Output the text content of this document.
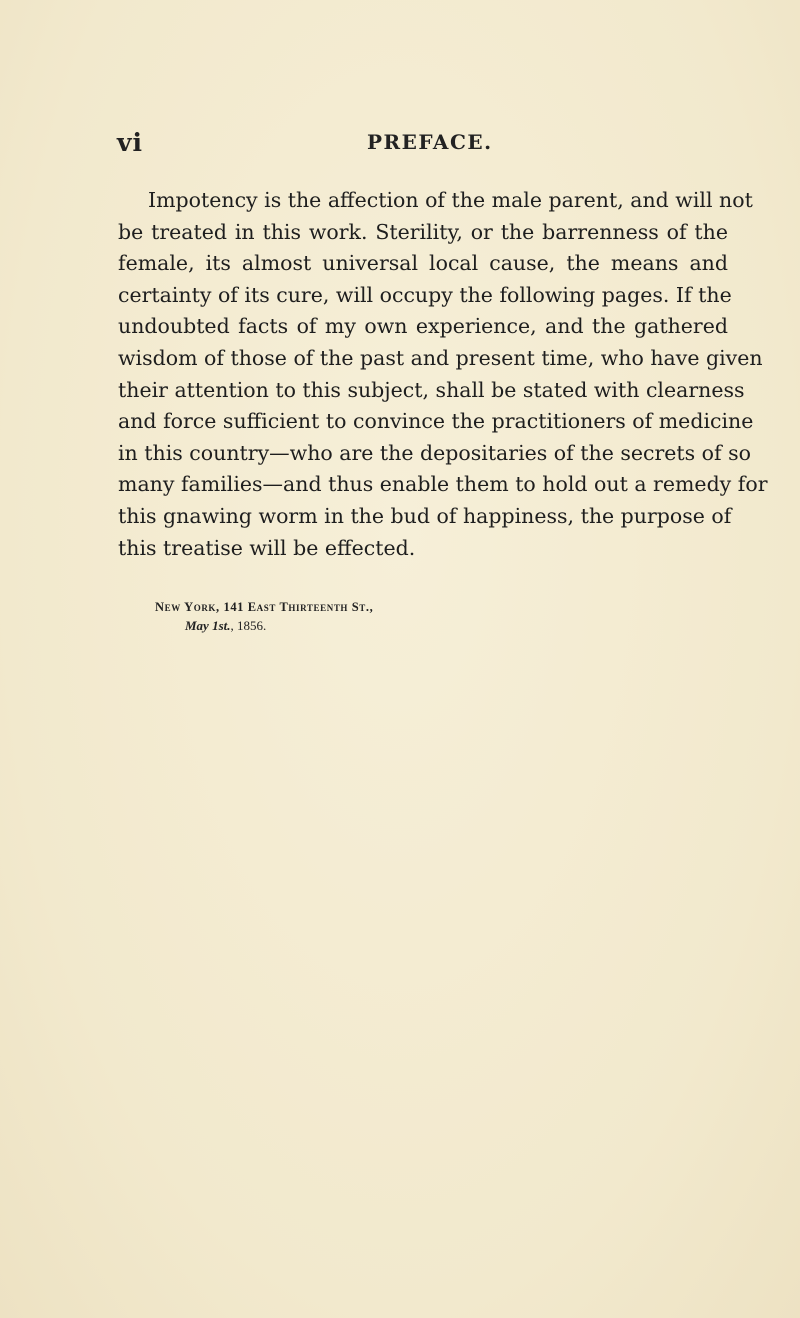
vi	PREFACE.
Impotency is the affection of the male parent, and will not
be treated in this work. Sterility, or the barrenness of the
female, its almost universal local cause, the means and
certainty of its cure, will occupy the following pages. If the
undoubted facts of my own experience, and the gathered
wisdom of those of the past and present time, who have given
their attention to this subject, shall be stated with clearness
and force sufficient to convince the practitioners of medicine
in this country—who are the depositaries of the secrets of so
many families—and thus enable them to hold out a remedy for
this gnawing worm in the bud of happiness, the purpose of
this treatise will be effected.
New York, 141 East Thirteenth St.,
May 1st., 1856.
